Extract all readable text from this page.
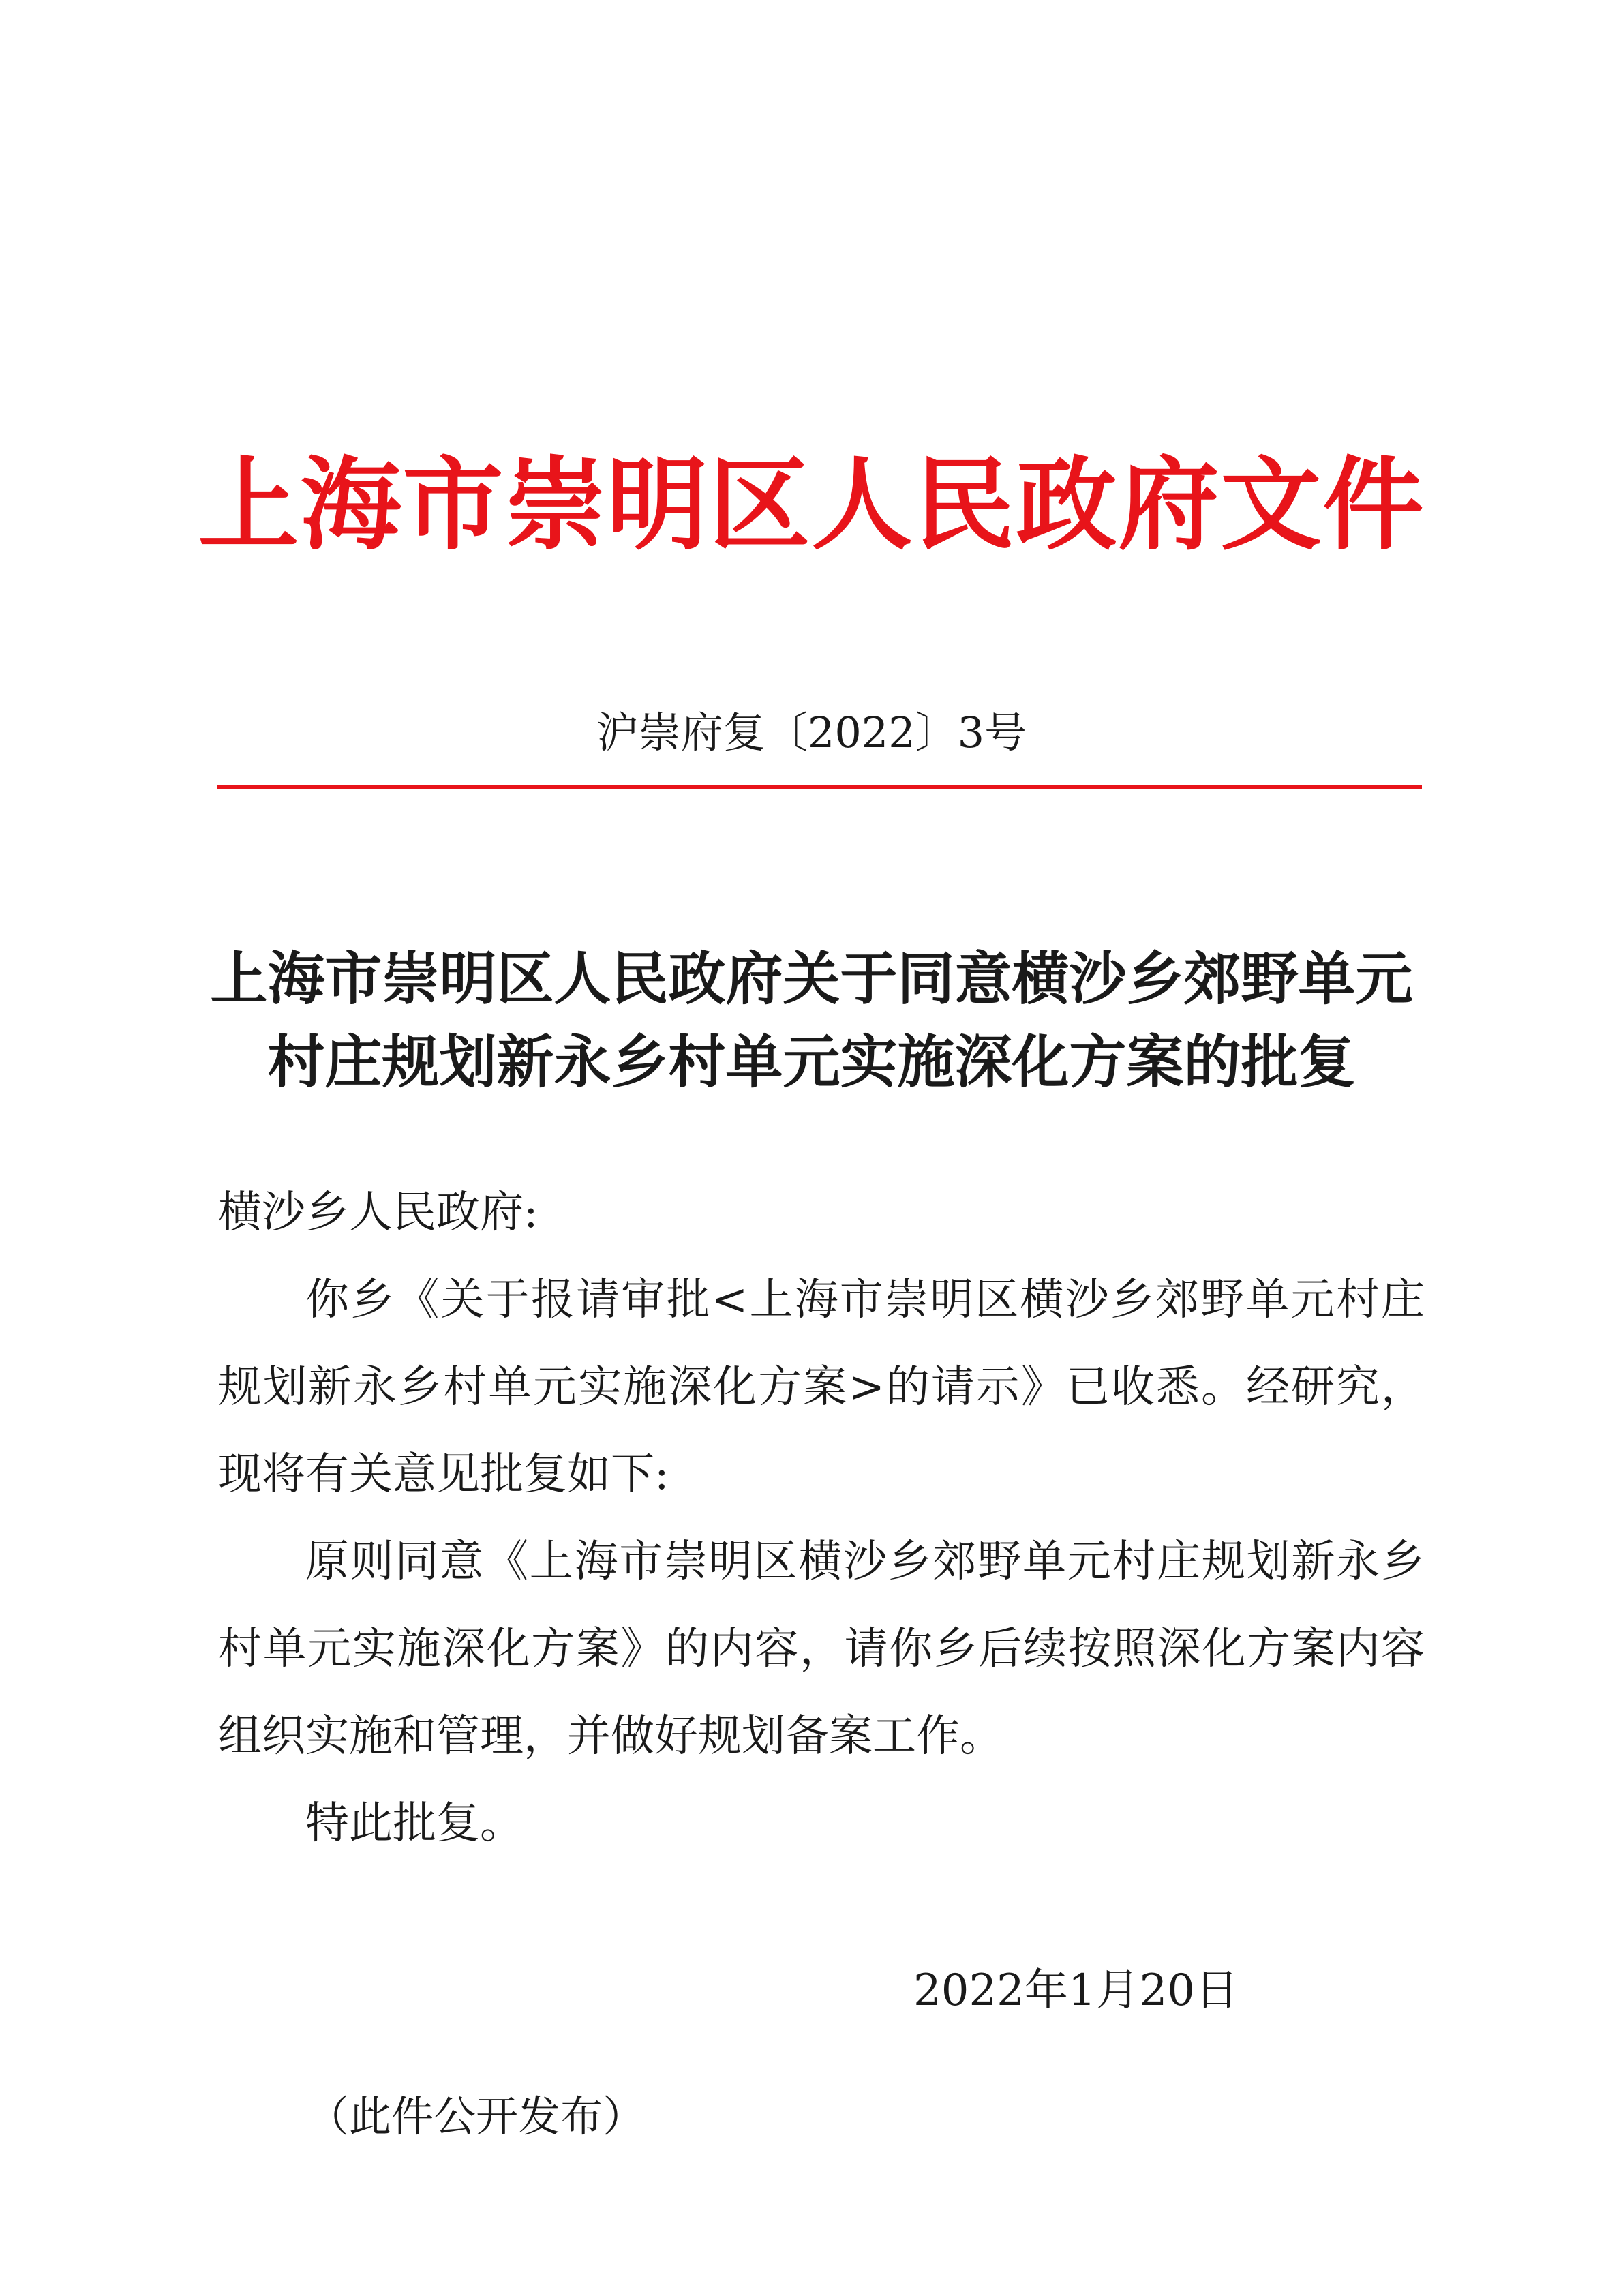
上海市崇明区人民政府文件
沪崇府复〔2022〕3号
上海市崇明区人民政府关于同意横沙乡郊野单元
村庄规划新永乡村单元实施深化方案的批复
横沙乡人民政府:
你乡《关于报请审批<上海市崇明区横沙乡郊野单元村庄规划新永乡村单元实施深化方案>的请示》已收悉。经研究，现将有关意见批复如下:
原则同意《上海市崇明区横沙乡郊野单元村庄规划新永乡村单元实施深化方案》的内容，请你乡后续按照深化方案内容组织实施和管理，并做好规划备案工作。
特此批复。
2022年1月20日
（此件公开发布）
